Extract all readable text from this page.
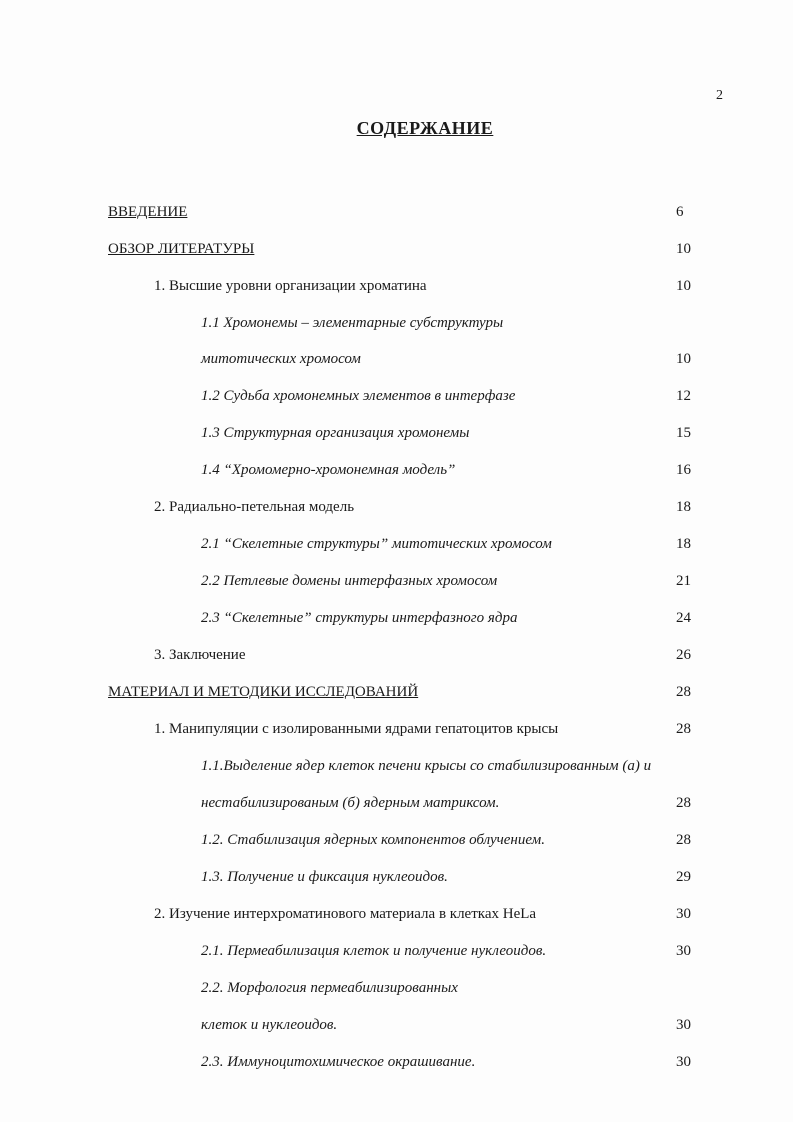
2
СОДЕРЖАНИЕ
ВВЕДЕНИЕ	6
ОБЗОР ЛИТЕРАТУРЫ	10
1. Высшие уровни организации хроматина	10
1.1 Хромонемы – элементарные субструктуры
митотических хромосом	10
1.2 Судьба хромонемных элементов в интерфазе	12
1.3 Структурная организация хромонемы	15
1.4 “Хромомерно-хромонемная модель”	16
2. Радиально-петельная модель	18
2.1 “Скелетные структуры” митотических хромосом	18
2.2 Петлевые домены интерфазных хромосом	21
2.3 “Скелетные” структуры интерфазного ядра	24
3. Заключение	26
МАТЕРИАЛ И МЕТОДИКИ ИССЛЕДОВАНИЙ	28
1. Манипуляции с изолированными ядрами гепатоцитов крысы	28
1.1.Выделение ядер клеток печени крысы со стабилизированным (а) и
нестабилизированым (б) ядерным матриксом.	28
1.2. Стабилизация ядерных компонентов облучением.	28
1.3. Получение и фиксация нуклеоидов.	29
2. Изучение интерхроматинового материала в клетках HeLa	30
2.1. Пермеабилизация клеток и получение нуклеоидов.	30
2.2. Морфология пермеабилизированных
клеток и нуклеоидов.	30
2.3. Иммуноцитохимическое окрашивание.	30
